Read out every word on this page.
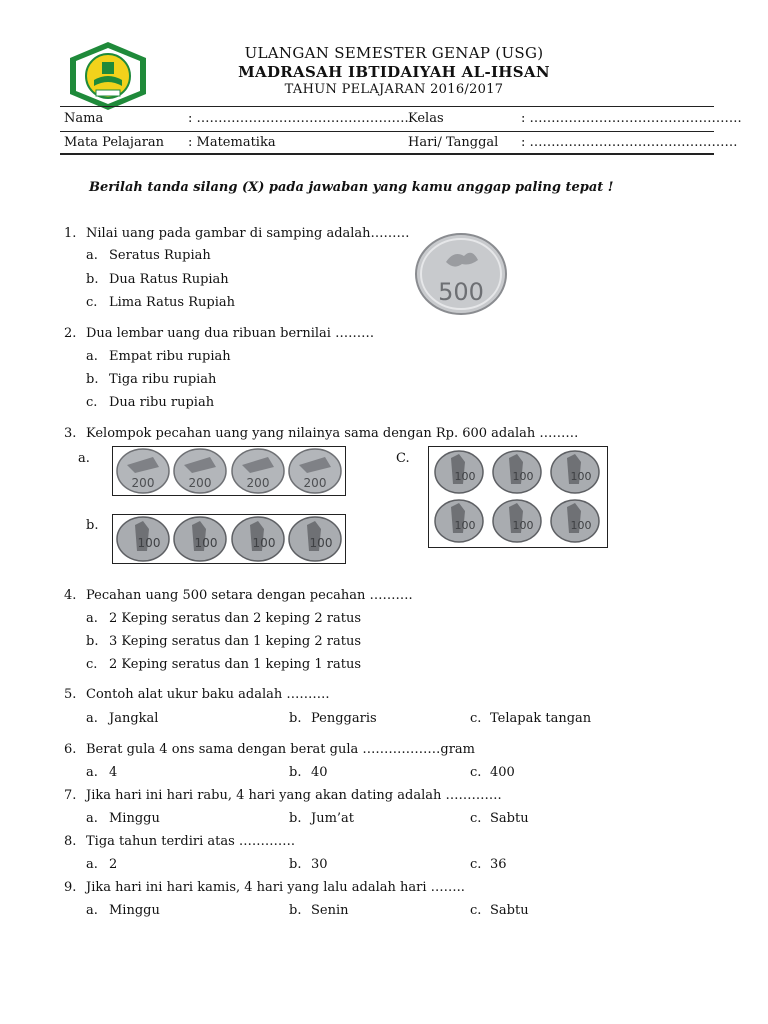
ULANGAN SEMESTER GENAP (USG)
MADRASAH IBTIDAIYAH AL-IHSAN
TAHUN PELAJARAN 2016/2017
Nama	: …………………………………………. Kelas	: ………………………………………….
Mata Pelajaran : Matematika	Hari/ Tanggal : …………………………………………
Berilah tanda silang (X) pada jawaban yang kamu anggap paling tepat !
1. Nilai uang pada gambar di samping adalah………
a. Seratus Rupiah
b. Dua Ratus Rupiah
c. Lima Ratus Rupiah	500
2. Dua lembar uang dua ribuan bernilai ………
a. Empat ribu rupiah
b. Tiga ribu rupiah
c. Dua ribu rupiah
3. Kelompok pecahan uang yang nilainya sama dengan Rp. 600 adalah ………
a.
b.
C.
200	200	200	200
100	100	100	100
100	100	100
100	100	100
4. Pecahan uang 500 setara dengan pecahan ……….
a. 2 Keping seratus dan 2 keping 2 ratus
b. 3 Keping seratus dan 1 keping 2 ratus
c. 2 Keping seratus dan 1 keping 1 ratus
5. Contoh alat ukur baku adalah ……….
a. Jangkal	b. Penggaris	c. Telapak tangan
6. Berat gula 4 ons sama dengan berat gula ………………gram
a. 4	b. 40	c. 400
7. Jika hari ini hari rabu, 4 hari yang akan dating adalah ………….
a. Minggu	b. Jum’at	c. Sabtu
8. Tiga tahun terdiri atas ………….
a. 2	b. 30	c. 36
9. Jika hari ini hari kamis, 4 hari yang lalu adalah hari ……..
a. Minggu	b. Senin	c. Sabtu
